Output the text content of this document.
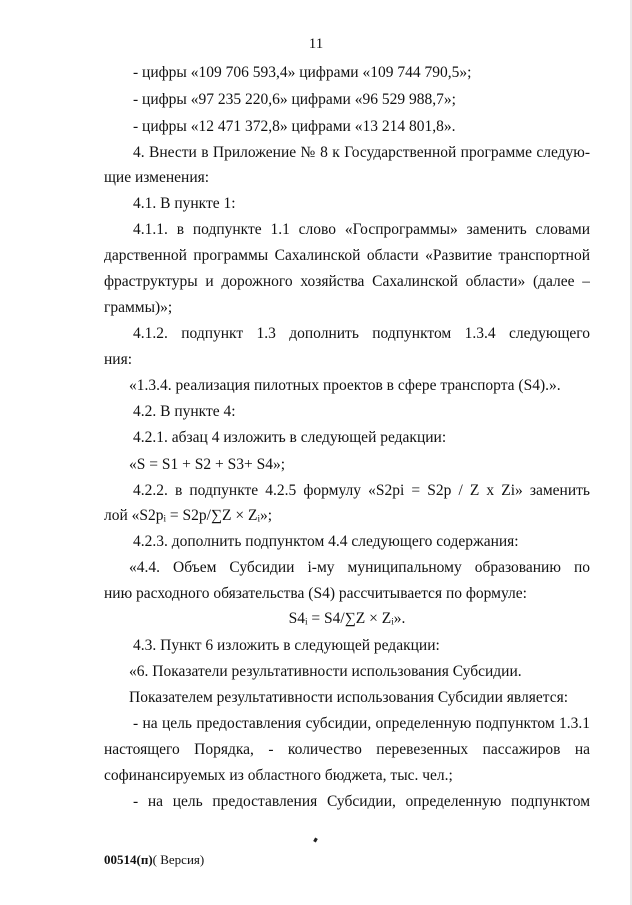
11
- цифры «109 706 593,4» цифрами «109 744 790,5»;
- цифры «97 235 220,6» цифрами «96 529 988,7»;
- цифры «12 471 372,8» цифрами «13 214 801,8».
4. Внести в Приложение № 8 к Государственной программе следую-
щие изменения:
4.1. В пункте 1:
4.1.1. в подпункте 1.1 слово «Госпрограммы» заменить словами
дарственной программы Сахалинской области «Развитие транспортной
фраструктуры и дорожного хозяйства Сахалинской области» (далее –
граммы)»;
4.1.2. подпункт 1.3 дополнить подпунктом 1.3.4 следующего
ния:
«1.3.4. реализация пилотных проектов в сфере транспорта (S4).».
4.2. В пункте 4:
4.2.1. абзац 4 изложить в следующей редакции:
«S = S1 + S2 + S3+ S4»;
4.2.2. в подпункте 4.2.5 формулу «S2pi = S2p / Z x Zi» заменить
лой «S2pᵢ = S2p/∑Z × Zᵢ»;
4.2.3. дополнить подпунктом 4.4 следующего содержания:
«4.4. Объем Субсидии i-му муниципальному образованию по
нию расходного обязательства (S4) рассчитывается по формуле:
S4ᵢ = S4/∑Z × Zᵢ».
4.3. Пункт 6 изложить в следующей редакции:
«6. Показатели результативности использования Субсидии.
Показателем результативности использования Субсидии является:
- на цель предоставления субсидии, определенную подпунктом 1.3.1
настоящего Порядка, - количество перевезенных пассажиров на
софинансируемых из областного бюджета, тыс. чел.;
- на цель предоставления Субсидии, определенную подпунктом
00514(п)( Версия)
